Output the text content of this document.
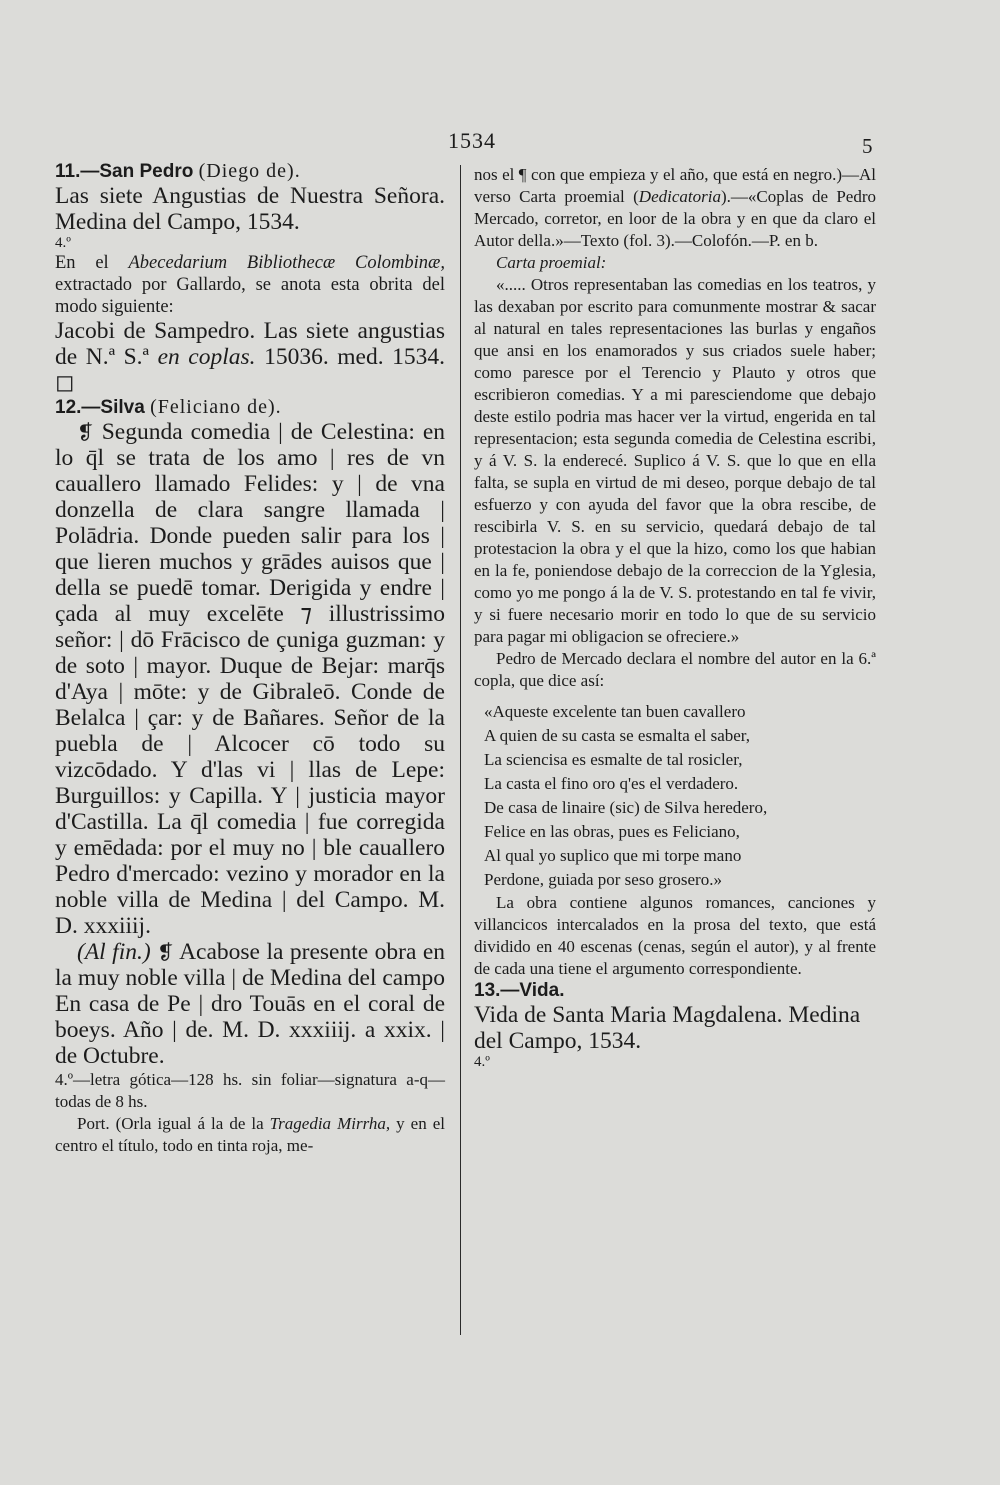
1534	5

11.—San Pedro (Diego de).

Las siete Angustias de Nuestra Señora. Medina del Campo, 1534.

4.º

En el Abecedarium Bibliothecæ Colombinæ, extractado por Gallardo, se anota esta obrita del modo siguiente:

Jacobi de Sampedro. Las siete angustias de N.ª S.ª en coplas. 15036. med. 1534. ◻

12.—Silva (Feliciano de).

❡ Segunda comedia | de Celestina: en lo q̄l se trata de los amo | res de vn cauallero llamado Felides: y | de vna donzella de clara sangre llamada | Polādria. Donde pueden salir para los | que lieren muchos y grādes auisos que | della se puedē tomar. Derigida y endre | çada al muy excelēte ⁊ illustrissimo señor: | dō Frācisco de çuniga guzman: y de soto | mayor. Duque de Bejar: marq̄s d'Aya | mōte: y de Gibraleō. Conde de Belalca | çar: y de Bañares. Señor de la puebla de | Alcocer cō todo su vizcōdado. Y d'las vi | llas de Lepe: Burguillos: y Capilla. Y | justicia mayor d'Castilla. La q̄l comedia | fue corregida y emēdada: por el muy no | ble cauallero Pedro d'mercado: vezino y morador en la noble villa de Medina | del Campo. M. D. xxxiiij.

(Al fin.) ❡ Acabose la presente obra en la muy noble villa | de Medina del campo En casa de Pe | dro Touās en el coral de boeys. Año | de. M. D. xxxiiij. a xxix. | de Octubre.

4.º—letra gótica—128 hs. sin foliar—signatura a-q—todas de 8 hs.

Port. (Orla igual á la de la Tragedia Mirrha, y en el centro el título, todo en tinta roja, me-

nos el ¶ con que empieza y el año, que está en negro.)—Al verso Carta proemial (Dedicatoria).—«Coplas de Pedro Mercado, corretor, en loor de la obra y en que da claro el Autor della.»—Texto (fol. 3).—Colofón.—P. en b.

Carta proemial:

«..... Otros representaban las comedias en los teatros, y las dexaban por escrito para comunmente mostrar & sacar al natural en tales representaciones las burlas y engaños que ansi en los enamorados y sus criados suele haber; como paresce por el Terencio y Plauto y otros que escribieron comedias. Y a mi paresciendome que debajo deste estilo podria mas hacer ver la virtud, engerida en tal representacion; esta segunda comedia de Celestina escribi, y á V. S. la enderecé. Suplico á V. S. que lo que en ella falta, se supla en virtud de mi deseo, porque debajo de tal esfuerzo y con ayuda del favor que la obra rescibe, de rescibirla V. S. en su servicio, quedará debajo de tal protestacion la obra y el que la hizo, como los que habian en la fe, poniendose debajo de la correccion de la Yglesia, como yo me pongo á la de V. S. protestando en tal fe vivir, y si fuere necesario morir en todo lo que de su servicio para pagar mi obligacion se ofreciere.»

Pedro de Mercado declara el nombre del autor en la 6.ª copla, que dice así:

«Aqueste excelente tan buen cavallero
A quien de su casta se esmalta el saber,
La sciencisa es esmalte de tal rosicler,
La casta el fino oro q'es el verdadero.
De casa de linaire (sic) de Silva heredero,
Felice en las obras, pues es Feliciano,
Al qual yo suplico que mi torpe mano
Perdone, guiada por seso grosero.»

La obra contiene algunos romances, canciones y villancicos intercalados en la prosa del texto, que está dividido en 40 escenas (cenas, según el autor), y al frente de cada una tiene el argumento correspondiente.

13.—Vida.

Vida de Santa Maria Magdalena. Medina del Campo, 1534.

4.º
